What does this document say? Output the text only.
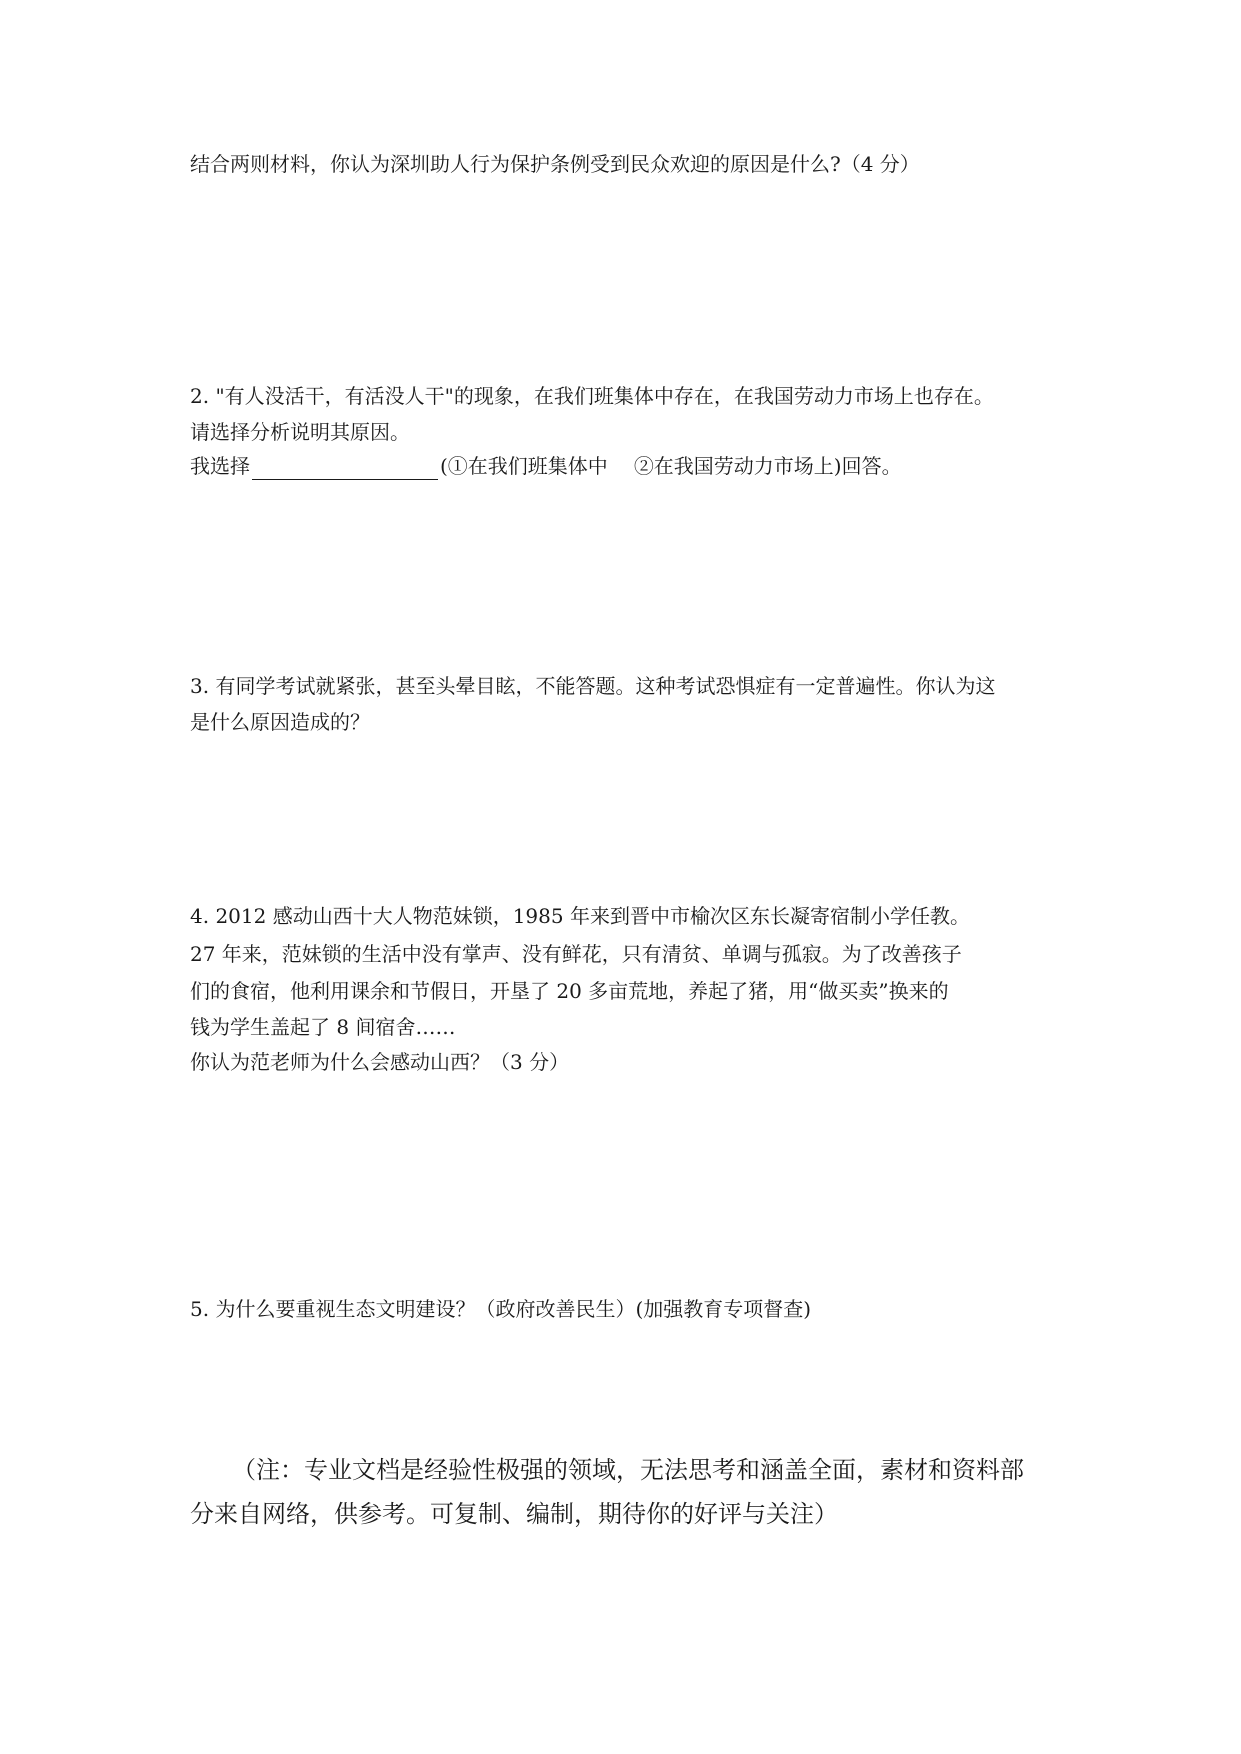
结合两则材料，你认为深圳助人行为保护条例受到民众欢迎的原因是什么?（4 分）
2. "有人没活干，有活没人干"的现象，在我们班集体中存在，在我国劳动力市场上也存在。
请选择分析说明其原因。
我选择	(①在我们班集体中 ②在我国劳动力市场上)回答。
3. 有同学考试就紧张，甚至头晕目眩，不能答题。这种考试恐惧症有一定普遍性。你认为这
是什么原因造成的？
4. 2012 感动山西十大人物范妹锁，1985 年来到晋中市榆次区东长凝寄宿制小学任教。
27 年来，范妹锁的生活中没有掌声、没有鲜花，只有清贫、单调与孤寂。为了改善孩子
们的食宿，他利用课余和节假日，开垦了 20 多亩荒地，养起了猪，用“做买卖”换来的
钱为学生盖起了 8 间宿舍……
你认为范老师为什么会感动山西？（3 分）
5. 为什么要重视生态文明建设？（政府改善民生）(加强教育专项督查)
（注：专业文档是经验性极强的领域，无法思考和涵盖全面，素材和资料部
分来自网络，供参考。可复制、编制，期待你的好评与关注）
